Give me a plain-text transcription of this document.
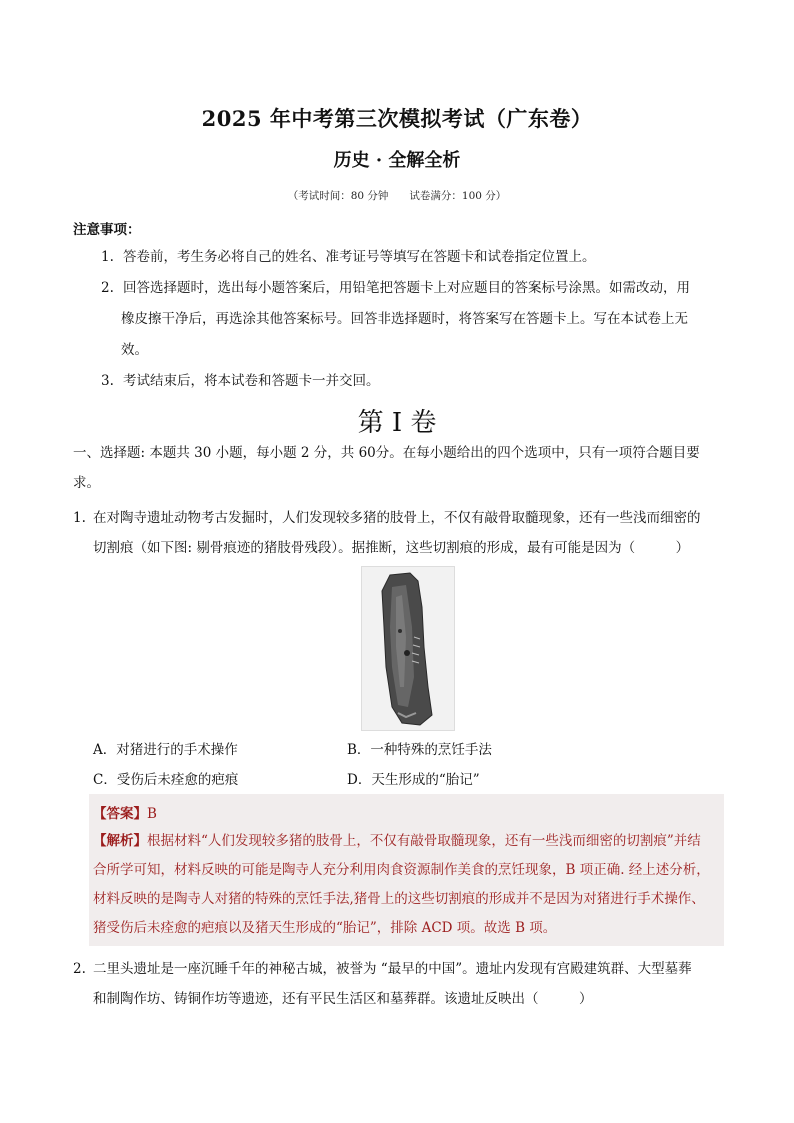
2025 年中考第三次模拟考试（广东卷）
历史 · 全解全析
（考试时间：80 分钟　　试卷满分：100 分）
注意事项：
1. 答卷前，考生务必将自己的姓名、准考证号等填写在答题卡和试卷指定位置上。
2. 回答选择题时，选出每小题答案后，用铅笔把答题卡上对应题目的答案标号涂黑。如需改动，用
橡皮擦干净后，再选涂其他答案标号。回答非选择题时，将答案写在答题卡上。写在本试卷上无
效。
3. 考试结束后，将本试卷和答题卡一并交回。
第 I 卷
一、选择题: 本题共 30 小题，每小题 2 分，共 60分。在每小题给出的四个选项中，只有一项符合题目要
求。
1. 在对陶寺遗址动物考古发掘时，人们发现较多猪的肢骨上，不仅有敲骨取髓现象，还有一些浅而细密的
切割痕（如下图: 剔骨痕迹的猪肢骨残段）。据推断，这些切割痕的形成，最有可能是因为（　　　）
A．对猪进行的手术操作	B．一种特殊的烹饪手法
C．受伤后未痊愈的疤痕	D．天生形成的“胎记”
【答案】B
【解析】根据材料“人们发现较多猪的肢骨上，不仅有敲骨取髓现象，还有一些浅而细密的切割痕”并结
合所学可知，材料反映的可能是陶寺人充分利用肉食资源制作美食的烹饪现象，B 项正确. 经上述分析，
材料反映的是陶寺人对猪的特殊的烹饪手法,猪骨上的这些切割痕的形成并不是因为对猪进行手术操作、
猪受伤后未痊愈的疤痕以及猪天生形成的“胎记”，排除 ACD 项。故选 B 项。
2. 二里头遗址是一座沉睡千年的神秘古城，被誉为 “最早的中国”。遗址内发现有宫殿建筑群、大型墓葬
和制陶作坊、铸铜作坊等遗迹，还有平民生活区和墓葬群。该遗址反映出（　　　）
